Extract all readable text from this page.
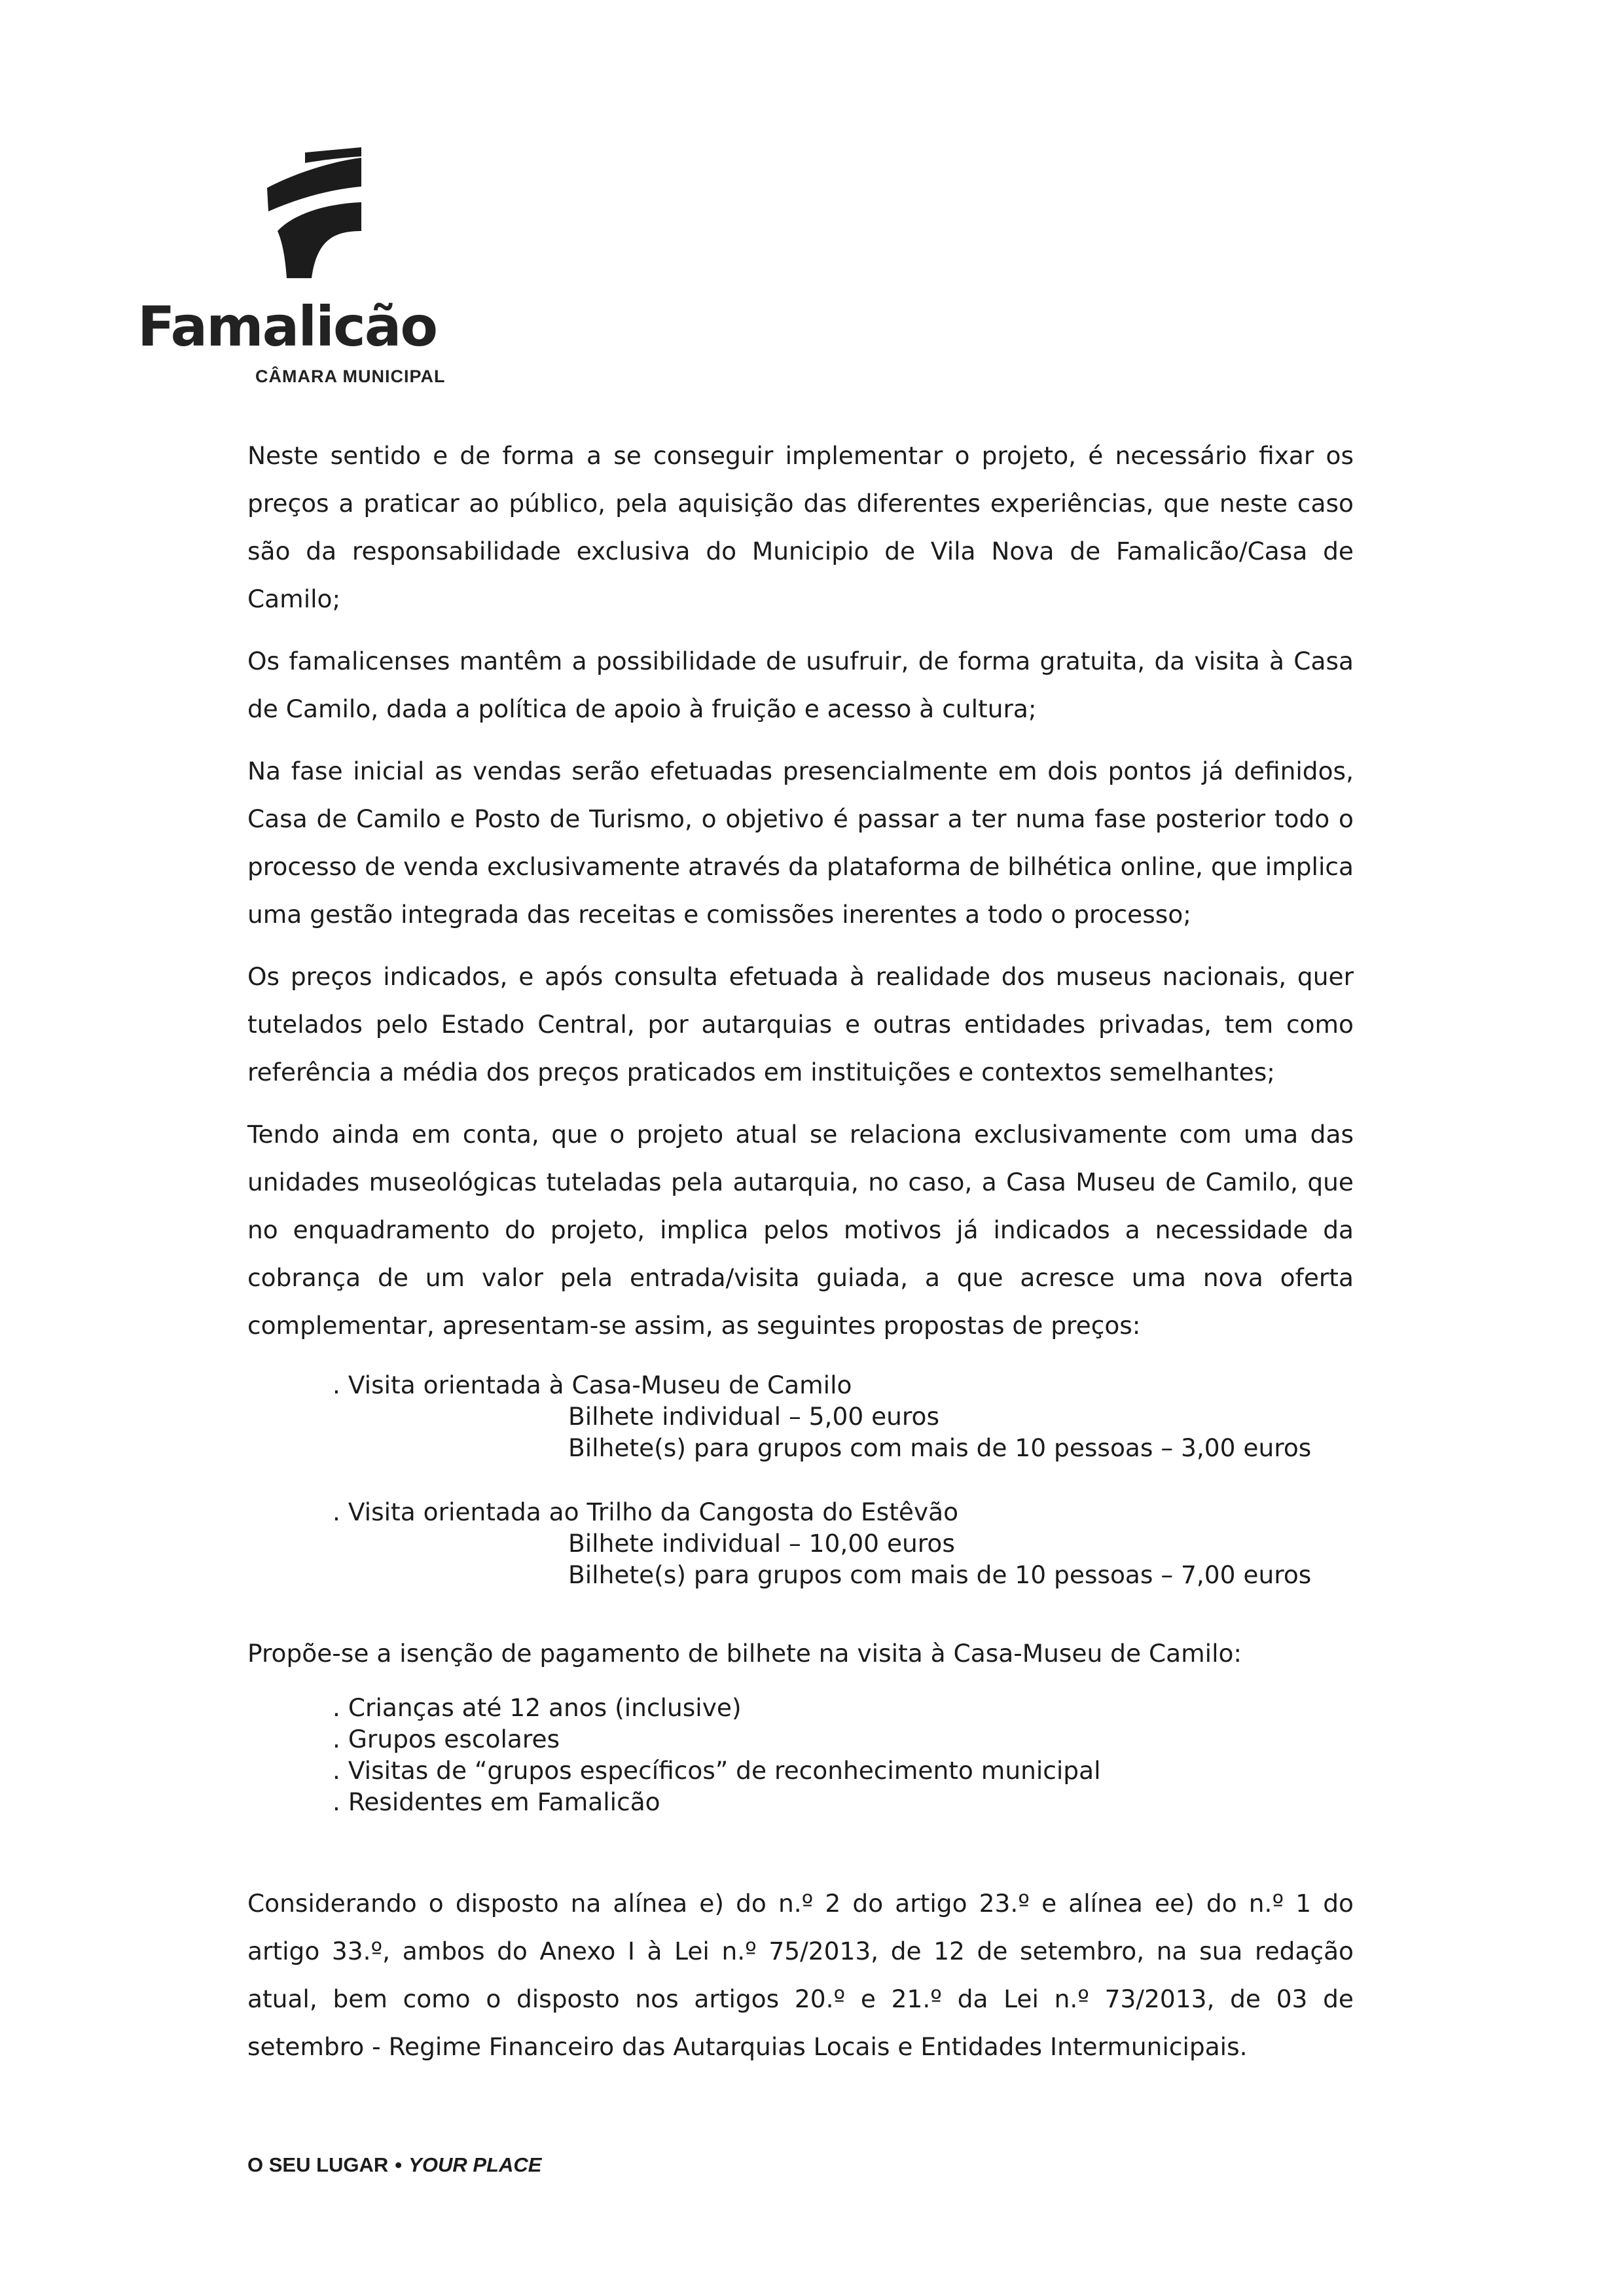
Famalicão
CÂMARA MUNICIPAL

Neste sentido e de forma a se conseguir implementar o projeto, é necessário fixar os preços a praticar ao público, pela aquisição das diferentes experiências, que neste caso são da responsabilidade exclusiva do Municipio de Vila Nova de Famalicão/Casa de Camilo;

Os famalicenses mantêm a possibilidade de usufruir, de forma gratuita, da visita à Casa de Camilo, dada a política de apoio à fruição e acesso à cultura;

Na fase inicial as vendas serão efetuadas presencialmente em dois pontos já definidos, Casa de Camilo e Posto de Turismo, o objetivo é passar a ter numa fase posterior todo o processo de venda exclusivamente através da plataforma de bilhética online, que implica uma gestão integrada das receitas e comissões inerentes a todo o processo;

Os preços indicados, e após consulta efetuada à realidade dos museus nacionais, quer tutelados pelo Estado Central, por autarquias e outras entidades privadas, tem como referência a média dos preços praticados em instituições e contextos semelhantes;

Tendo ainda em conta, que o projeto atual se relaciona exclusivamente com uma das unidades museológicas tuteladas pela autarquia, no caso, a Casa Museu de Camilo, que no enquadramento do projeto, implica pelos motivos já indicados a necessidade da cobrança de um valor pela entrada/visita guiada, a que acresce uma nova oferta complementar, apresentam-se assim, as seguintes propostas de preços:

. Visita orientada à Casa-Museu de Camilo
Bilhete individual – 5,00 euros
Bilhete(s) para grupos com mais de 10 pessoas – 3,00 euros
. Visita orientada ao Trilho da Cangosta do Estêvão
Bilhete individual – 10,00 euros
Bilhete(s) para grupos com mais de 10 pessoas – 7,00 euros

Propõe-se a isenção de pagamento de bilhete na visita à Casa-Museu de Camilo:

. Crianças até 12 anos (inclusive)
. Grupos escolares
. Visitas de “grupos específicos” de reconhecimento municipal
. Residentes em Famalicão

Considerando o disposto na alínea e) do n.º 2 do artigo 23.º e alínea ee) do n.º 1 do artigo 33.º, ambos do Anexo I à Lei n.º 75/2013, de 12 de setembro, na sua redação atual, bem como o disposto nos artigos 20.º e 21.º da Lei n.º 73/2013, de 03 de setembro - Regime Financeiro das Autarquias Locais e Entidades Intermunicipais.

O SEU LUGAR • YOUR PLACE
